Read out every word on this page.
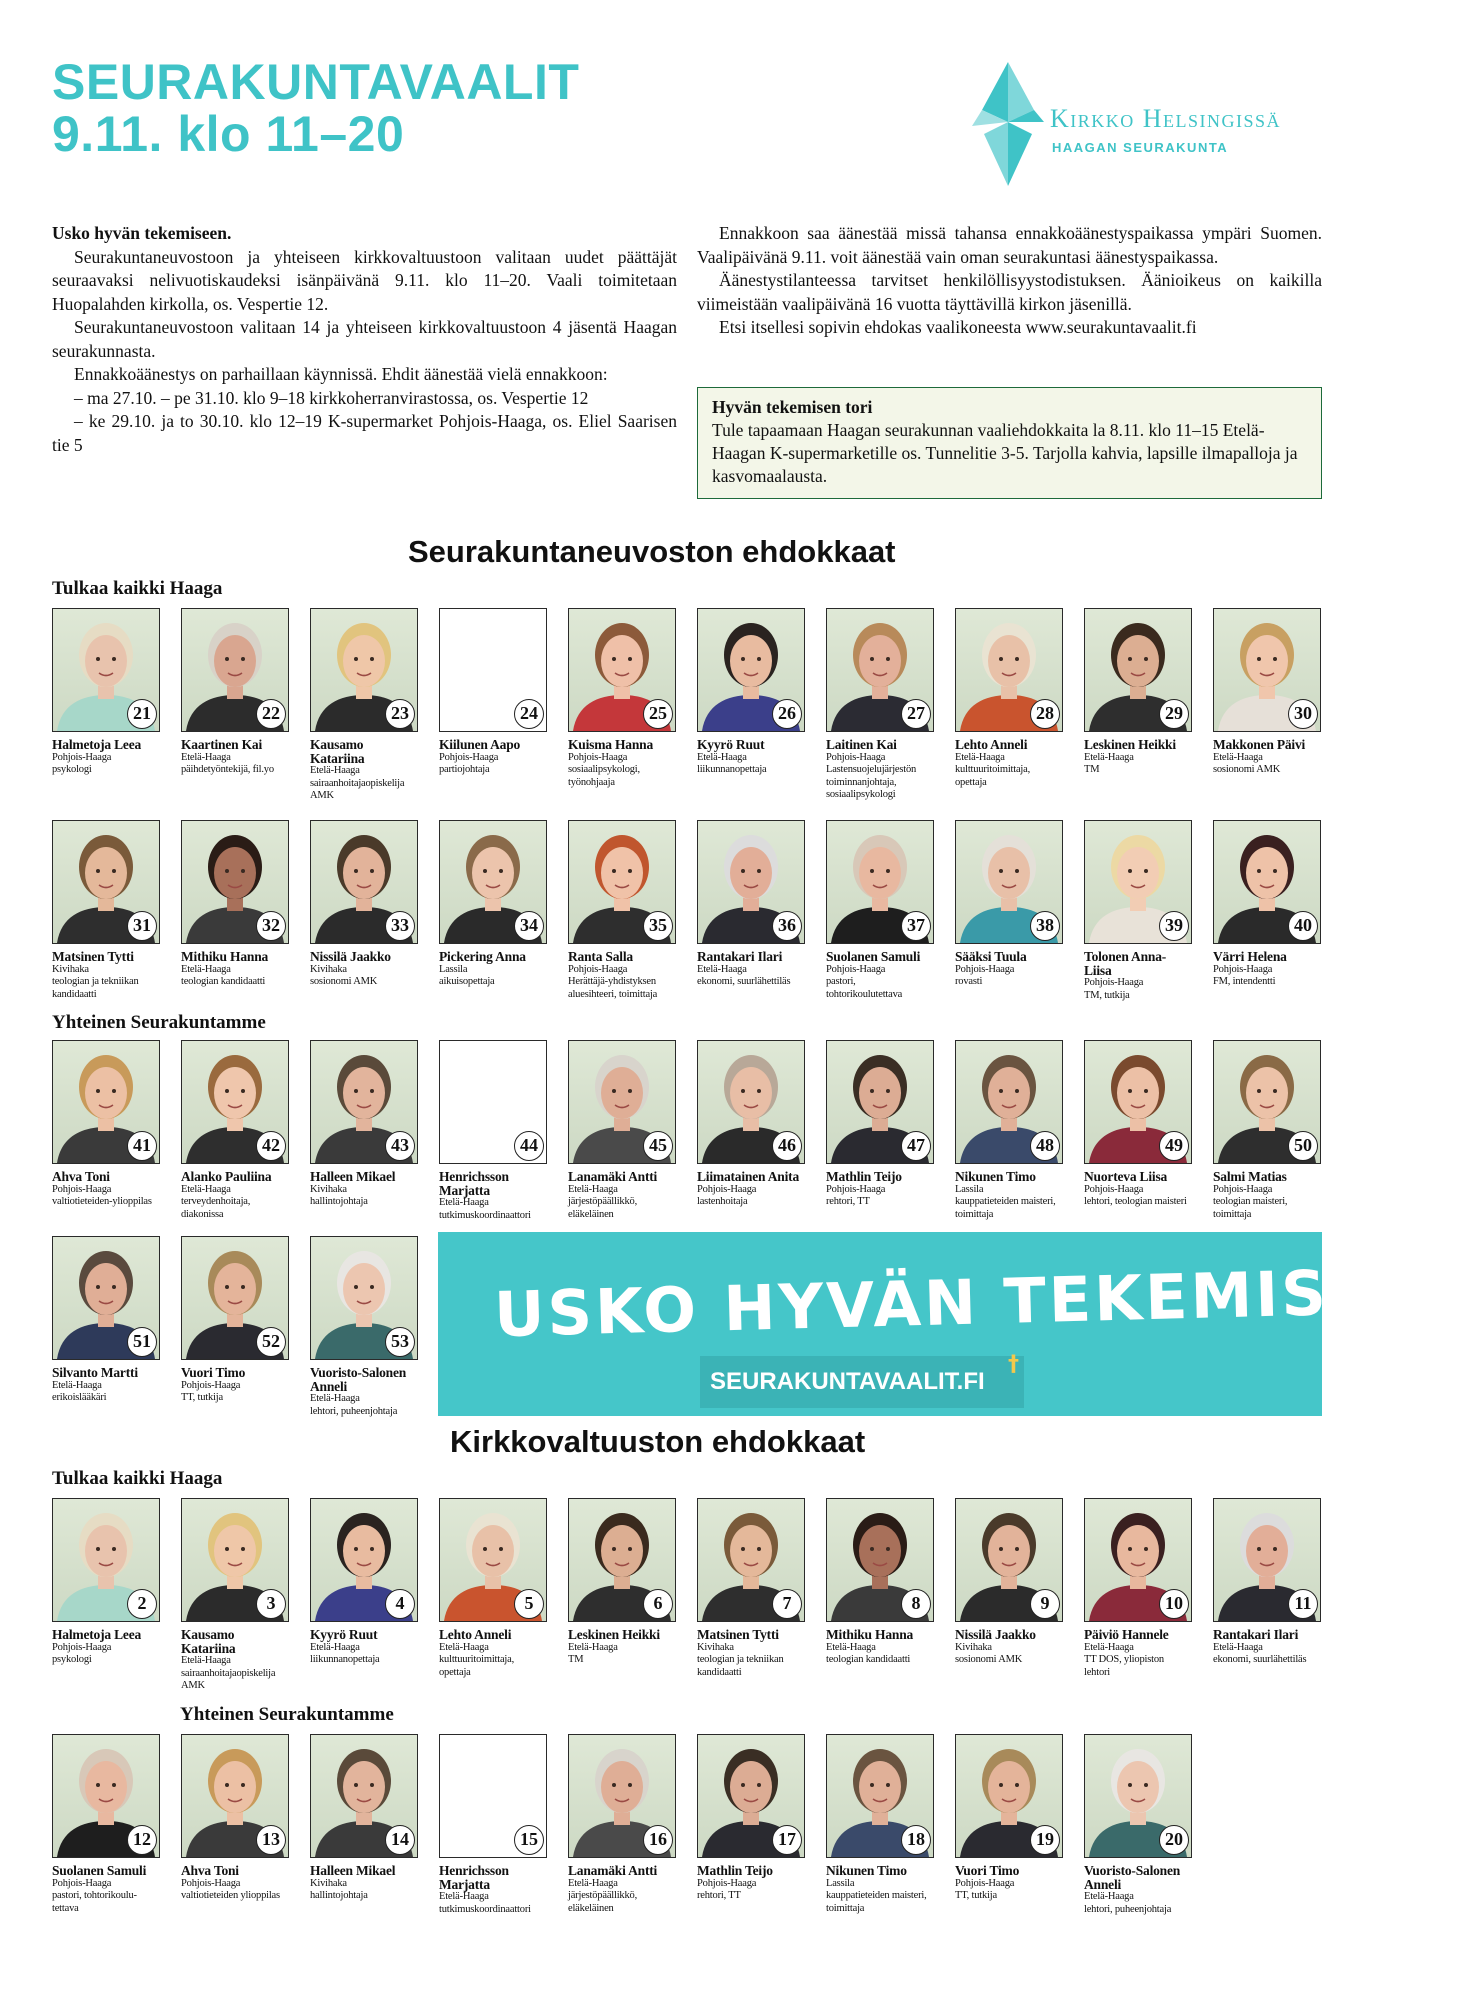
SEURAKUNTAVAALIT
9.11. klo 11–20	Kirkko Helsingissä
HAAGAN SEURAKUNTA

Usko hyvän tekemiseen.

Seurakuntaneuvostoon ja yhteiseen kirkkovaltuustoon valitaan uudet päättäjät seuraavaksi nelivuotiskaudeksi isänpäivänä 9.11. klo 11–20. Vaali toimitetaan Huopalahden kirkolla, os. Vespertie 12.

Seurakuntaneuvostoon valitaan 14 ja yhteiseen kirkkovaltuustoon 4 jäsentä Haagan seurakunnasta.

Ennakkoäänestys on parhaillaan käynnissä. Ehdit äänestää vielä ennakkoon:

– ma 27.10. – pe 31.10. klo 9–18 kirkkoherranvirastossa, os. Vespertie 12

– ke 29.10. ja to 30.10. klo 12–19 K-supermarket Pohjois-Haaga, os. Eliel Saarisen tie 5

Ennakkoon saa äänestää missä tahansa ennakkoäänestyspaikassa ympäri Suomen. Vaalipäivänä 9.11. voit äänestää vain oman seurakuntasi äänestyspaikassa.

Äänestystilanteessa tarvitset henkilöllisyystodistuksen. Äänioikeus on kaikilla viimeistään vaalipäivänä 16 vuotta täyttävillä kirkon jäsenillä.

Etsi itsellesi sopivin ehdokas vaalikoneesta www.seurakuntavaalit.fi

Hyvän tekemisen tori
Tule tapaamaan Haagan seurakunnan vaaliehdokkaita la 8.11. klo 11–15 Etelä-Haagan K-supermarketille os. Tunnelitie 3-5. Tarjolla kahvia, lapsille ilmapalloja ja kasvomaalausta.
Seurakuntaneuvoston ehdokkaat
Tulkaa kaikki Haaga
Yhteinen Seurakuntamme
21
Halmetoja Leea
Pohjois-Haaga
psykologi
22
Kaartinen Kai
Etelä-Haaga
päihdetyöntekijä, fil.yo
23
Kausamo Katariina
Etelä-Haaga
sairaanhoitajaopiskelija AMK
24
Kiilunen Aapo
Pohjois-Haaga
partiojohtaja
25
Kuisma Hanna
Pohjois-Haaga
sosiaalipsykologi, työnohjaaja
26
Kyyrö Ruut
Etelä-Haaga
liikunnanopettaja
27
Laitinen Kai
Pohjois-Haaga
Lastensuojelujärjestön toiminnanjohtaja, sosiaalipsykologi
28
Lehto Anneli
Etelä-Haaga
kulttuuritoimittaja, opettaja
29
Leskinen Heikki
Etelä-Haaga
TM
30
Makkonen Päivi
Etelä-Haaga
sosionomi AMK
31
Matsinen Tytti
Kivihaka
teologian ja tekniikan kandidaatti
32
Mithiku Hanna
Etelä-Haaga
teologian kandidaatti
33
Nissilä Jaakko
Kivihaka
sosionomi AMK
34
Pickering Anna
Lassila
aikuisopettaja
35
Ranta Salla
Pohjois-Haaga
Herättäjä-yhdistyksen aluesihteeri, toimittaja
36
Rantakari Ilari
Etelä-Haaga
ekonomi, suurlähettiläs
37
Suolanen Samuli
Pohjois-Haaga
pastori, tohtorikoulutettava
38
Sääksi Tuula
Pohjois-Haaga
rovasti
39
Tolonen Anna-Liisa
Pohjois-Haaga
TM, tutkija
40
Värri Helena
Pohjois-Haaga
FM, intendentti
41
Ahva Toni
Pohjois-Haaga
valtiotieteiden-ylioppilas
42
Alanko Pauliina
Etelä-Haaga
terveydenhoitaja, diakonissa
43
Halleen Mikael
Kivihaka
hallintojohtaja
44
Henrichsson Marjatta
Etelä-Haaga
tutkimuskoordinaattori
45
Lanamäki Antti
Etelä-Haaga
järjestöpäällikkö, eläkeläinen
46
Liimatainen Anita
Pohjois-Haaga
lastenhoitaja
47
Mathlin Teijo
Pohjois-Haaga
rehtori, TT
48
Nikunen Timo
Lassila
kauppatieteiden maisteri, toimittaja
49
Nuorteva Liisa
Pohjois-Haaga
lehtori, teologian maisteri
50
Salmi Matias
Pohjois-Haaga
teologian maisteri, toimittaja
51
Silvanto Martti
Etelä-Haaga
erikoislääkäri
52
Vuori Timo
Pohjois-Haaga
TT, tutkija
53
Vuoristo-Salonen Anneli
Etelä-Haaga
lehtori, puheenjohtaja
USKO HYVÄN TEKEMISEEN
SEURAKUNTAVAALIT.FI
†
Kirkkovaltuuston ehdokkaat
Tulkaa kaikki Haaga
Yhteinen Seurakuntamme
2
Halmetoja Leea
Pohjois-Haaga
psykologi
3
Kausamo Katariina
Etelä-Haaga
sairaanhoitajaopiskelija AMK
4
Kyyrö Ruut
Etelä-Haaga
liikunnanopettaja
5
Lehto Anneli
Etelä-Haaga
kulttuuritoimittaja, opettaja
6
Leskinen Heikki
Etelä-Haaga
TM
7
Matsinen Tytti
Kivihaka
teologian ja tekniikan kandidaatti
8
Mithiku Hanna
Etelä-Haaga
teologian kandidaatti
9
Nissilä Jaakko
Kivihaka
sosionomi AMK
10
Päiviö Hannele
Etelä-Haaga
TT DOS, yliopiston lehtori
11
Rantakari Ilari
Etelä-Haaga
ekonomi, suurlähettiläs
12
Suolanen Samuli
Pohjois-Haaga
pastori, tohtorikoulu-tettava
13
Ahva Toni
Pohjois-Haaga
valtiotieteiden ylioppilas
14
Halleen Mikael
Kivihaka
hallintojohtaja
15
Henrichsson Marjatta
Etelä-Haaga
tutkimuskoordinaattori
16
Lanamäki Antti
Etelä-Haaga
järjestöpäällikkö, eläkeläinen
17
Mathlin Teijo
Pohjois-Haaga
rehtori, TT
18
Nikunen Timo
Lassila
kauppatieteiden maisteri, toimittaja
19
Vuori Timo
Pohjois-Haaga
TT, tutkija
20
Vuoristo-Salonen Anneli
Etelä-Haaga
lehtori, puheenjohtaja
